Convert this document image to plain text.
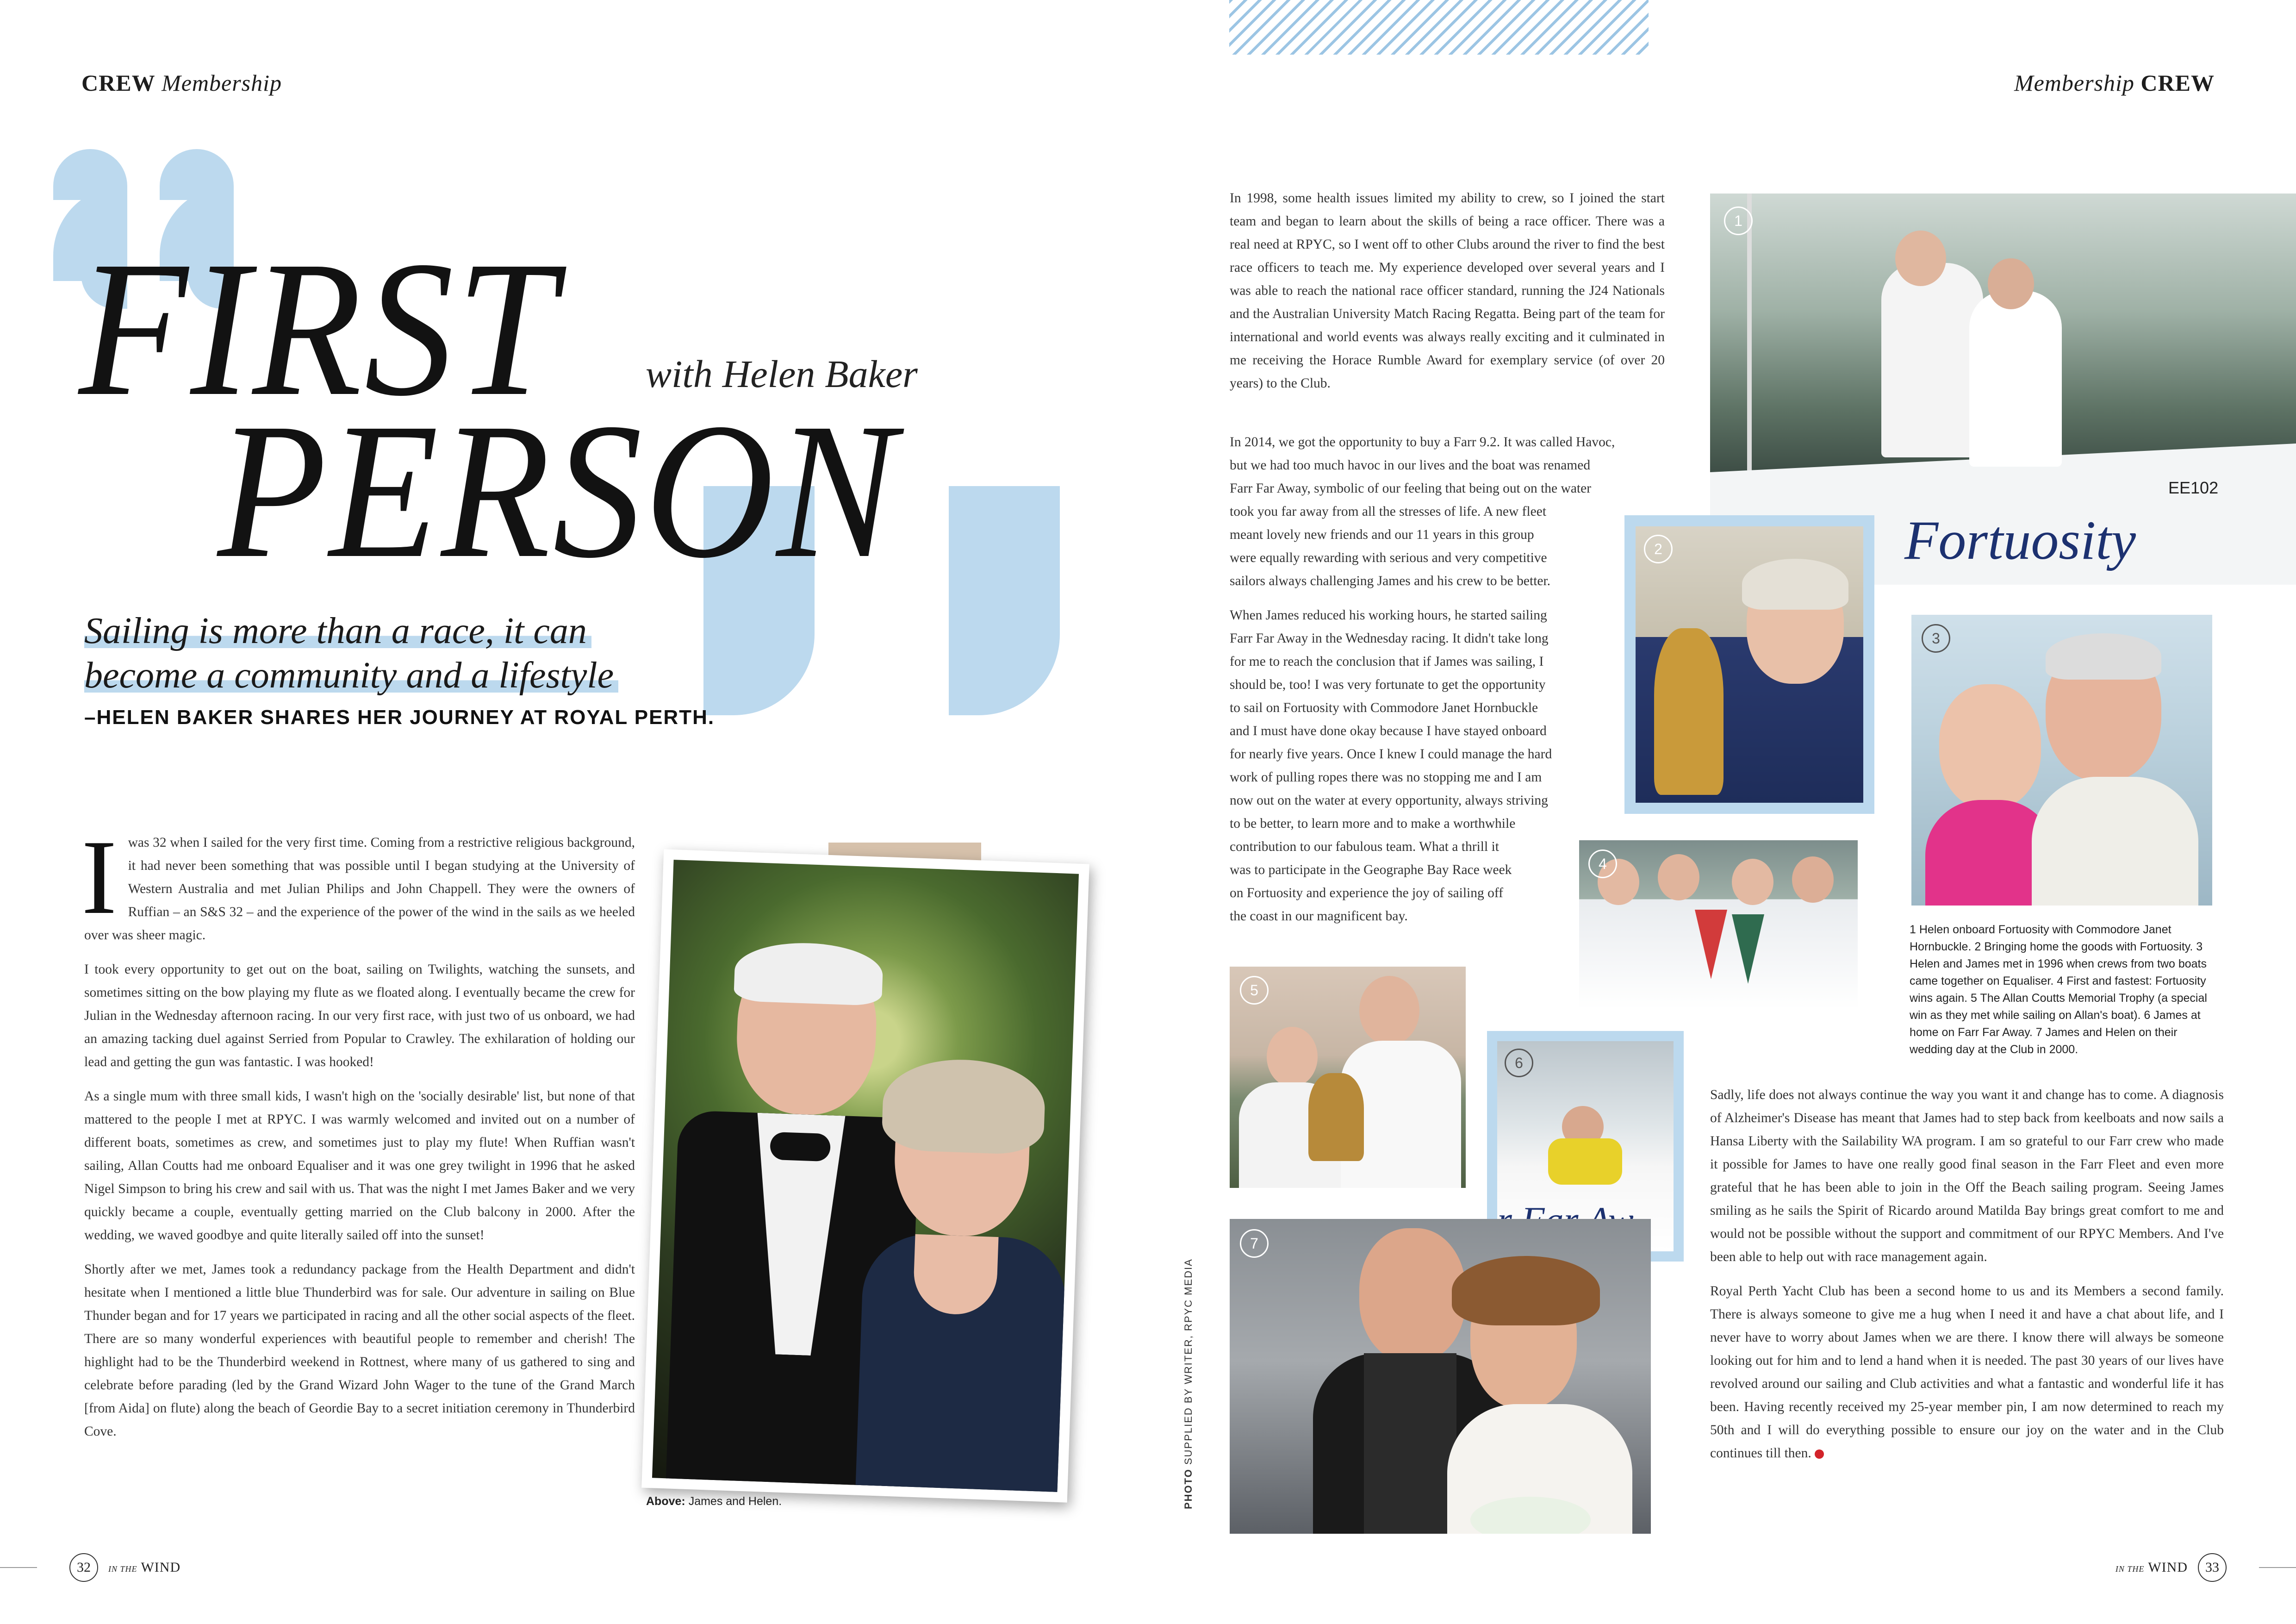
CREW Membership	Membership CREW
FIRST
PERSON
with Helen Baker
Sailing is more than a race, it can
become a community and a lifestyle
–HELEN BAKER SHARES HER JOURNEY AT ROYAL PERTH.

Iwas 32 when I sailed for the very first time. Coming from a restrictive religious background, it had never been something that was possible until I began studying at the University of Western Australia and met Julian Philips and John Chappell. They were the owners of Ruffian – an S&S 32 – and the experience of the power of the wind in the sails as we heeled over was sheer magic.

I took every opportunity to get out on the boat, sailing on Twilights, watching the sunsets, and sometimes sitting on the bow playing my flute as we floated along. I eventually became the crew for Julian in the Wednesday afternoon racing. In our very first race, with just two of us onboard, we had an amazing tacking duel against Serried from Popular to Crawley. The exhilaration of holding our lead and getting the gun was fantastic. I was hooked!

As a single mum with three small kids, I wasn't high on the 'socially desirable' list, but none of that mattered to the people I met at RPYC. I was warmly welcomed and invited out on a number of different boats, sometimes as crew, and sometimes just to play my flute! When Ruffian wasn't sailing, Allan Coutts had me onboard Equaliser and it was one grey twilight in 1996 that he asked Nigel Simpson to bring his crew and sail with us. That was the night I met James Baker and we very quickly became a couple, eventually getting married on the Club balcony in 2000. After the wedding, we waved goodbye and quite literally sailed off into the sunset!

Shortly after we met, James took a redundancy package from the Health Department and didn't hesitate when I mentioned a little blue Thunderbird was for sale. Our adventure in sailing on Blue Thunder began and for 17 years we participated in racing and all the other social aspects of the fleet. There are so many wonderful experiences with beautiful people to remember and cherish! The highlight had to be the Thunderbird weekend in Rottnest, where many of us gathered to sing and celebrate before parading (led by the Grand Wizard John Wager to the tune of the Grand March [from Aida] on flute) along the beach of Geordie Bay to a secret initiation ceremony in Thunderbird Cove.

Above: James and Helen.	PHOTO SUPPLIED BY WRITER, RPYC MEDIA

In 1998, some health issues limited my ability to crew, so I joined the start team and began to learn about the skills of being a race officer. There was a real need at RPYC, so I went off to other Clubs around the river to find the best race officers to teach me. My experience developed over several years and I was able to reach the national race officer standard, running the J24 Nationals and the Australian University Match Racing Regatta. Being part of the team for international and world events was always really exciting and it culminated in me receiving the Horace Rumble Award for exemplary service (of over 20 years) to the Club.

In 2014, we got the opportunity to buy a Farr 9.2. It was called Havoc,
but we had too much havoc in our lives and the boat was renamed
Farr Far Away, symbolic of our feeling that being out on the water
took you far away from all the stresses of life. A new fleet
meant lovely new friends and our 11 years in this group
were equally rewarding with serious and very competitive
sailors always challenging James and his crew to be better.
When James reduced his working hours, he started sailing
Farr Far Away in the Wednesday racing. It didn't take long
for me to reach the conclusion that if James was sailing, I
should be, too! I was very fortunate to get the opportunity
to sail on Fortuosity with Commodore Janet Hornbuckle
and I must have done okay because I have stayed onboard
for nearly five years. Once I knew I could manage the hard
work of pulling ropes there was no stopping me and I am
now out on the water at every opportunity, always striving
to be better, to learn more and to make a worthwhile
contribution to our fabulous team. What a thrill it
was to participate in the Geographe Bay Race week
on Fortuosity and experience the joy of sailing off
the coast in our magnificent bay.
Fortuosity
EE102
1
2
3
1 Helen onboard Fortuosity with Commodore Janet Hornbuckle. 2 Bringing home the goods with Fortuosity. 3 Helen and James met in 1996 when crews from two boats came together on Equaliser. 4 First and fastest: Fortuosity wins again. 5 The Allan Coutts Memorial Trophy (a special win as they met while sailing on Allan's boat). 6 James at home on Farr Far Away. 7 James and Helen on their wedding day at the Club in 2000.
4
5
6
7

Sadly, life does not always continue the way you want it and change has to come. A diagnosis of Alzheimer's Disease has meant that James had to step back from keelboats and now sails a Hansa Liberty with the Sailability WA program. I am so grateful to our Farr crew who made it possible for James to have one really good final season in the Farr Fleet and even more grateful that he has been able to join in the Off the Beach sailing program. Seeing James smiling as he sails the Spirit of Ricardo around Matilda Bay brings great comfort to me and would not be possible without the support and commitment of our RPYC Members. And I've been able to help out with race management again.

Royal Perth Yacht Club has been a second home to us and its Members a second family. There is always someone to give me a hug when I need it and have a chat about life, and I never have to worry about James when we are there. I know there will always be someone looking out for him and to lend a hand when it is needed. The past 30 years of our lives have revolved around our sailing and Club activities and what a fantastic and wonderful life it has been. Having recently received my 25-year member pin, I am now determined to reach my 50th and I will do everything possible to ensure our joy on the water and in the Club continues till then.

32	IN THE WIND	IN THE WIND	33
